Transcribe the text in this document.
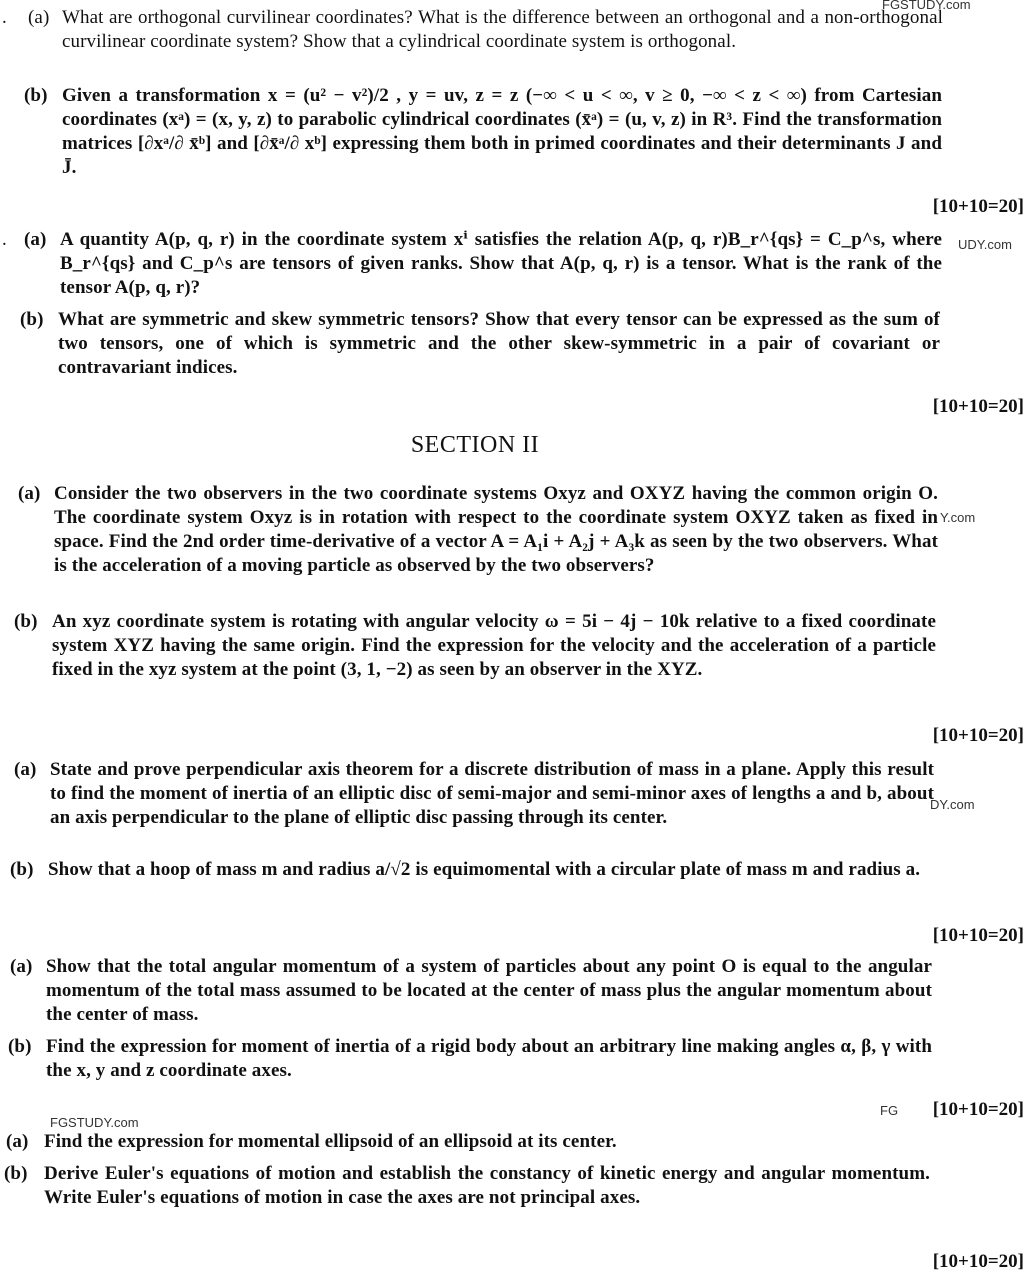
FGSTUDY.com
UDY.com
Y.com
DY.com
FGSTUDY.com
FG
. (a) What are orthogonal curvilinear coordinates? What is the difference between an orthogonal and a non-orthogonal curvilinear coordinate system? Show that a cylindrical coordinate system is orthogonal.
(b) Given a transformation x = (u² − v²)/2 , y = uv, z = z (−∞ < u < ∞, v ≥ 0, −∞ < z < ∞) from Cartesian coordinates (xᵃ) = (x, y, z) to parabolic cylindrical coordinates (x̄ᵃ) = (u, v, z) in R³. Find the transformation matrices [∂xᵃ/∂ x̄ᵇ] and [∂x̄ᵃ/∂ xᵇ] expressing them both in primed coordinates and their determinants J and J̄.
[10+10=20]
. (a) A quantity A(p, q, r) in the coordinate system xⁱ satisfies the relation A(p, q, r)B_r^{qs} = C_p^s, where B_r^{qs} and C_p^s are tensors of given ranks. Show that A(p, q, r) is a tensor. What is the rank of the tensor A(p, q, r)?
(b) What are symmetric and skew symmetric tensors? Show that every tensor can be expressed as the sum of two tensors, one of which is symmetric and the other skew-symmetric in a pair of covariant or contravariant indices.
[10+10=20]
SECTION II
(a) Consider the two observers in the two coordinate systems Oxyz and OXYZ having the common origin O. The coordinate system Oxyz is in rotation with respect to the coordinate system OXYZ taken as fixed in space. Find the 2nd order time-derivative of a vector A = A₁i + A₂j + A₃k as seen by the two observers. What is the acceleration of a moving particle as observed by the two observers?
(b) An xyz coordinate system is rotating with angular velocity ω = 5i − 4j − 10k relative to a fixed coordinate system XYZ having the same origin. Find the expression for the velocity and the acceleration of a particle fixed in the xyz system at the point (3, 1, −2) as seen by an observer in the XYZ.
[10+10=20]
(a) State and prove perpendicular axis theorem for a discrete distribution of mass in a plane. Apply this result to find the moment of inertia of an elliptic disc of semi-major and semi-minor axes of lengths a and b, about an axis perpendicular to the plane of elliptic disc passing through its center.
(b) Show that a hoop of mass m and radius a/√2 is equimomental with a circular plate of mass m and radius a.
[10+10=20]
(a) Show that the total angular momentum of a system of particles about any point O is equal to the angular momentum of the total mass assumed to be located at the center of mass plus the angular momentum about the center of mass.
(b) Find the expression for moment of inertia of a rigid body about an arbitrary line making angles α, β, γ with the x, y and z coordinate axes.
[10+10=20]
(a) Find the expression for momental ellipsoid of an ellipsoid at its center.
(b) Derive Euler's equations of motion and establish the constancy of kinetic energy and angular momentum. Write Euler's equations of motion in case the axes are not principal axes.
[10+10=20]
